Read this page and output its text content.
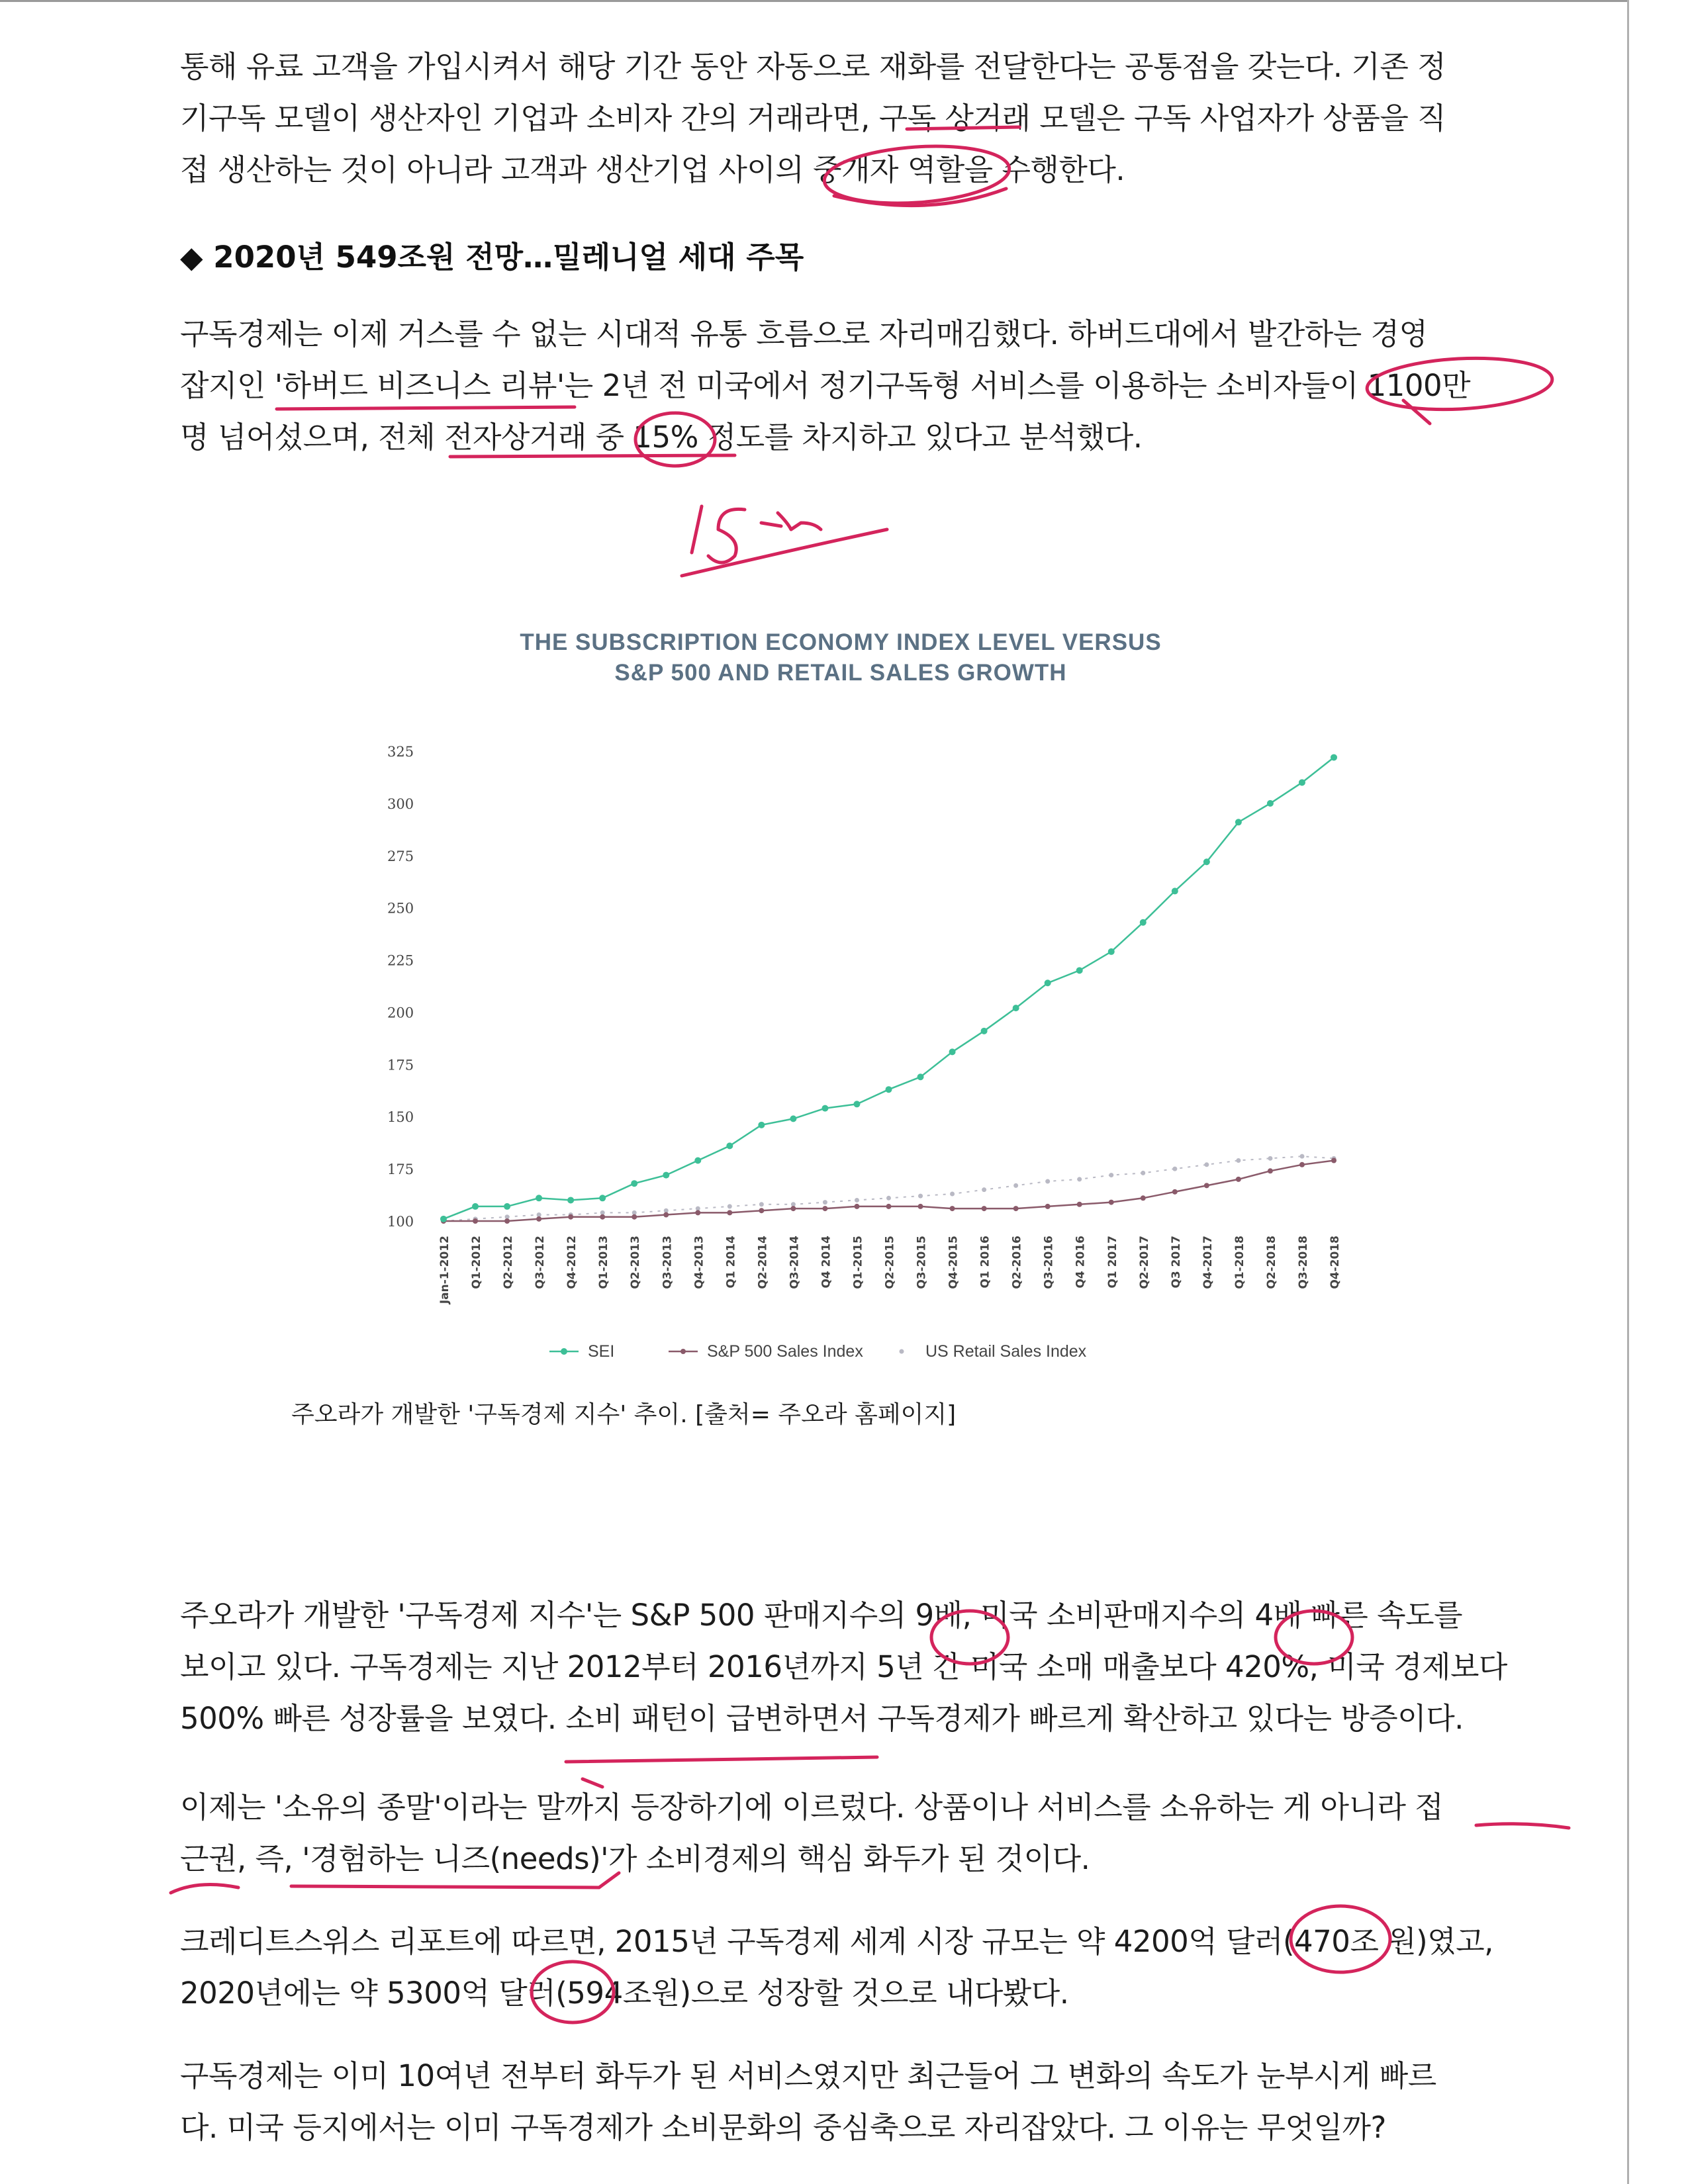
통해 유료 고객을 가입시켜서 해당 기간 동안 자동으로 재화를 전달한다는 공통점을 갖는다. 기존 정
기구독 모델이 생산자인 기업과 소비자 간의 거래라면, 구독 상거래 모델은 구독 사업자가 상품을 직
접 생산하는 것이 아니라 고객과 생산기업 사이의 중개자 역할을 수행한다.

◆ 2020년 549조원 전망…밀레니얼 세대 주목

구독경제는 이제 거스를 수 없는 시대적 유통 흐름으로 자리매김했다. 하버드대에서 발간하는 경영
잡지인 '하버드 비즈니스 리뷰'는 2년 전 미국에서 정기구독형 서비스를 이용하는 소비자들이 1100만
명 넘어섰으며, 전체 전자상거래 중 15% 정도를 차지하고 있다고 분석했다.

THE SUBSCRIPTION ECONOMY INDEX LEVEL VERSUS
S&P 500 AND RETAIL SALES GROWTH
325
300
275
250
225
200
175
150
175
100
Jan-1-2012 Q1-2012 Q2-2012 Q3-2012 Q4-2012 Q1-2013 Q2-2013 Q3-2013 Q4-2013 Q1 2014 Q2-2014 Q3-2014 Q4 2014 Q1-2015 Q2-2015 Q3-2015 Q4-2015 Q1 2016 Q2-2016 Q3-2016 Q4 2016 Q1 2017 Q2-2017 Q3 2017 Q4-2017 Q1-2018 Q2-2018 Q3-2018 Q4-2018
SEI	S&P 500 Sales Index	US Retail Sales Index

주오라가 개발한 '구독경제 지수' 추이. [출처= 주오라 홈페이지]

주오라가 개발한 '구독경제 지수'는 S&P 500 판매지수의 9배, 미국 소비판매지수의 4배 빠른 속도를
보이고 있다. 구독경제는 지난 2012부터 2016년까지 5년 간 미국 소매 매출보다 420%, 미국 경제보다
500% 빠른 성장률을 보였다. 소비 패턴이 급변하면서 구독경제가 빠르게 확산하고 있다는 방증이다.

이제는 '소유의 종말'이라는 말까지 등장하기에 이르렀다. 상품이나 서비스를 소유하는 게 아니라 접
근권, 즉, '경험하는 니즈(needs)'가 소비경제의 핵심 화두가 된 것이다.

크레디트스위스 리포트에 따르면, 2015년 구독경제 세계 시장 규모는 약 4200억 달러(470조 원)였고,
2020년에는 약 5300억 달러(594조원)으로 성장할 것으로 내다봤다.

구독경제는 이미 10여년 전부터 화두가 된 서비스였지만 최근들어 그 변화의 속도가 눈부시게 빠르
다. 미국 등지에서는 이미 구독경제가 소비문화의 중심축으로 자리잡았다. 그 이유는 무엇일까?
